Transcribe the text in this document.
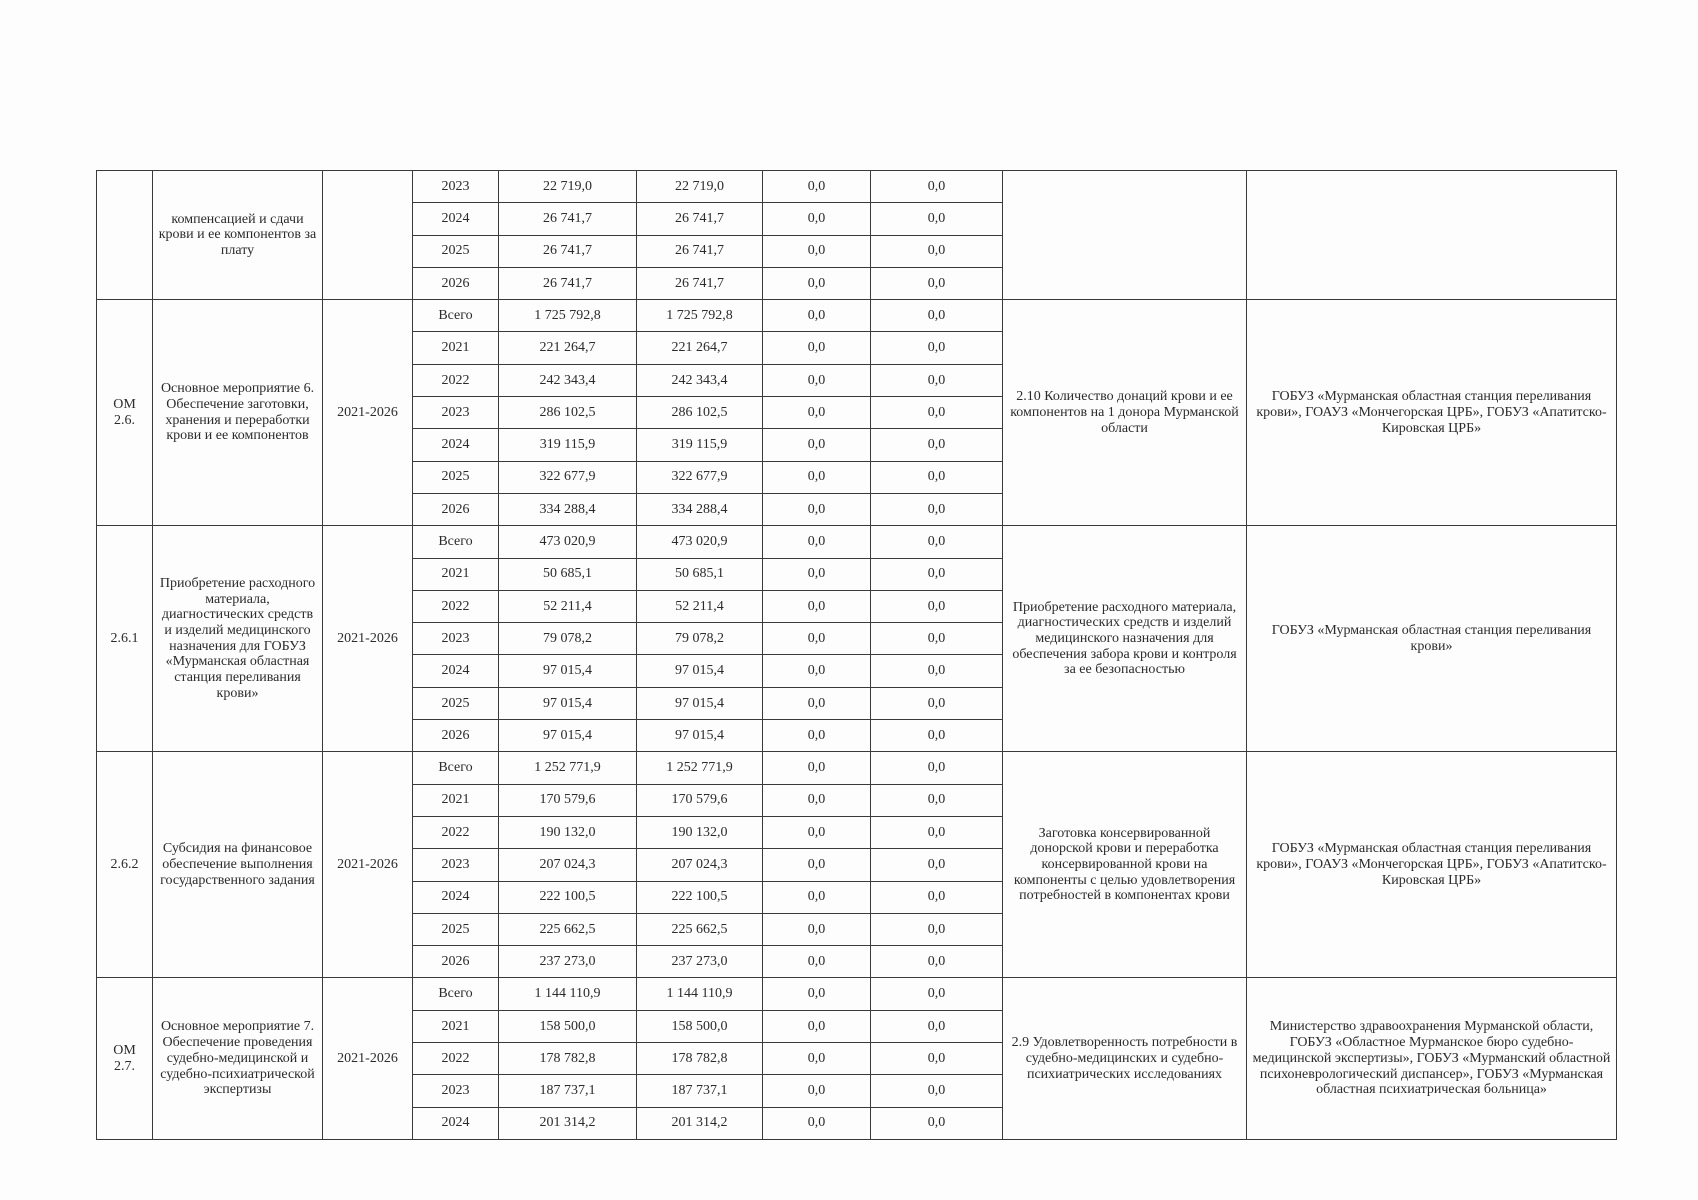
	компенсацией и сдачи крови и ее компонентов за плату		2023	22 719,0	22 719,0	0,0	0,0		
			2024	26 741,7	26 741,7	0,0	0,0		
			2025	26 741,7	26 741,7	0,0	0,0		
			2026	26 741,7	26 741,7	0,0	0,0		
ОМ 2.6.	Основное мероприятие 6. Обеспечение заготовки, хранения и переработки крови и ее компонентов	2021-2026	Всего	1 725 792,8	1 725 792,8	0,0	0,0	2.10 Количество донаций крови и ее компонентов на 1 донора Мурманской области	ГОБУЗ «Мурманская областная станция переливания крови», ГОАУЗ «Мончегорская ЦРБ», ГОБУЗ «Апатитско-Кировская ЦРБ»
			2021	221 264,7	221 264,7	0,0	0,0		
			2022	242 343,4	242 343,4	0,0	0,0		
			2023	286 102,5	286 102,5	0,0	0,0		
			2024	319 115,9	319 115,9	0,0	0,0		
			2025	322 677,9	322 677,9	0,0	0,0		
			2026	334 288,4	334 288,4	0,0	0,0		
2.6.1	Приобретение расходного материала, диагностических средств и изделий медицинского назначения для ГОБУЗ «Мурманская областная станция переливания крови»	2021-2026	Всего	473 020,9	473 020,9	0,0	0,0	Приобретение расходного материала, диагностических средств и изделий медицинского назначения для обеспечения забора крови и контроля за ее безопасностью	ГОБУЗ «Мурманская областная станция переливания крови»
			2021	50 685,1	50 685,1	0,0	0,0		
			2022	52 211,4	52 211,4	0,0	0,0		
			2023	79 078,2	79 078,2	0,0	0,0		
			2024	97 015,4	97 015,4	0,0	0,0		
			2025	97 015,4	97 015,4	0,0	0,0		
			2026	97 015,4	97 015,4	0,0	0,0		
2.6.2	Субсидия на финансовое обеспечение выполнения государственного задания	2021-2026	Всего	1 252 771,9	1 252 771,9	0,0	0,0	Заготовка консервированной донорской крови и переработка консервированной крови на компоненты с целью удовлетворения потребностей в компонентах крови	ГОБУЗ «Мурманская областная станция переливания крови», ГОАУЗ «Мончегорская ЦРБ», ГОБУЗ «Апатитско-Кировская ЦРБ»
			2021	170 579,6	170 579,6	0,0	0,0		
			2022	190 132,0	190 132,0	0,0	0,0		
			2023	207 024,3	207 024,3	0,0	0,0		
			2024	222 100,5	222 100,5	0,0	0,0		
			2025	225 662,5	225 662,5	0,0	0,0		
			2026	237 273,0	237 273,0	0,0	0,0		
ОМ 2.7.	Основное мероприятие 7. Обеспечение проведения судебно-медицинской и судебно-психиатрической экспертизы	2021-2026	Всего	1 144 110,9	1 144 110,9	0,0	0,0	2.9 Удовлетворенность потребности в судебно-медицинских и судебно-психиатрических исследованиях	Министерство здравоохранения Мурманской области, ГОБУЗ «Областное Мурманское бюро судебно-медицинской экспертизы», ГОБУЗ «Мурманский областной психоневрологический диспансер», ГОБУЗ «Мурманская областная психиатрическая больница»
			2021	158 500,0	158 500,0	0,0	0,0		
			2022	178 782,8	178 782,8	0,0	0,0		
			2023	187 737,1	187 737,1	0,0	0,0		
			2024	201 314,2	201 314,2	0,0	0,0		
